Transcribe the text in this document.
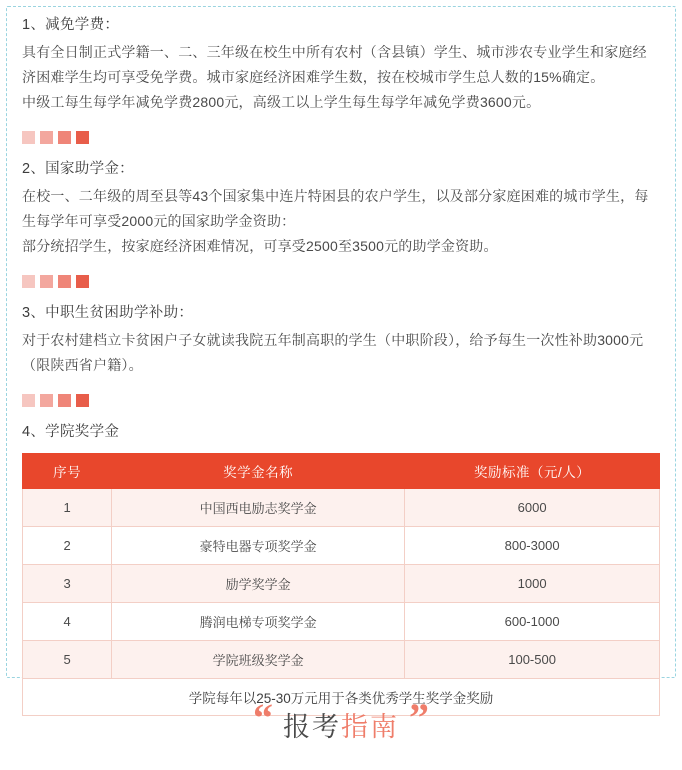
1、减免学费：

具有全日制正式学籍一、二、三年级在校生中所有农村（含县镇）学生、城市涉农专业学生和家庭经济困难学生均可享受免学费。城市家庭经济困难学生数，按在校城市学生总人数的15%确定。

中级工每生每学年减免学费2800元，高级工以上学生每生每学年减免学费3600元。

2、国家助学金：

在校一、二年级的周至县等43个国家集中连片特困县的农户学生，以及部分家庭困难的城市学生，每生每学年可享受2000元的国家助学金资助：

部分统招学生，按家庭经济困难情况，可享受2500至3500元的助学金资助。

3、中职生贫困助学补助：

对于农村建档立卡贫困户子女就读我院五年制高职的学生（中职阶段），给予每生一次性补助3000元（限陕西省户籍）。

4、学院奖学金
序号	奖学金名称	奖励标准（元/人）
1	中国西电励志奖学金	6000
2	豪特电器专项奖学金	800-3000
3	励学奖学金	1000
4	腾润电梯专项奖学金	600-1000
5	学院班级奖学金	100-500
学院每年以25-30万元用于各类优秀学生奖学金奖励		
“ 报考指南 ”
